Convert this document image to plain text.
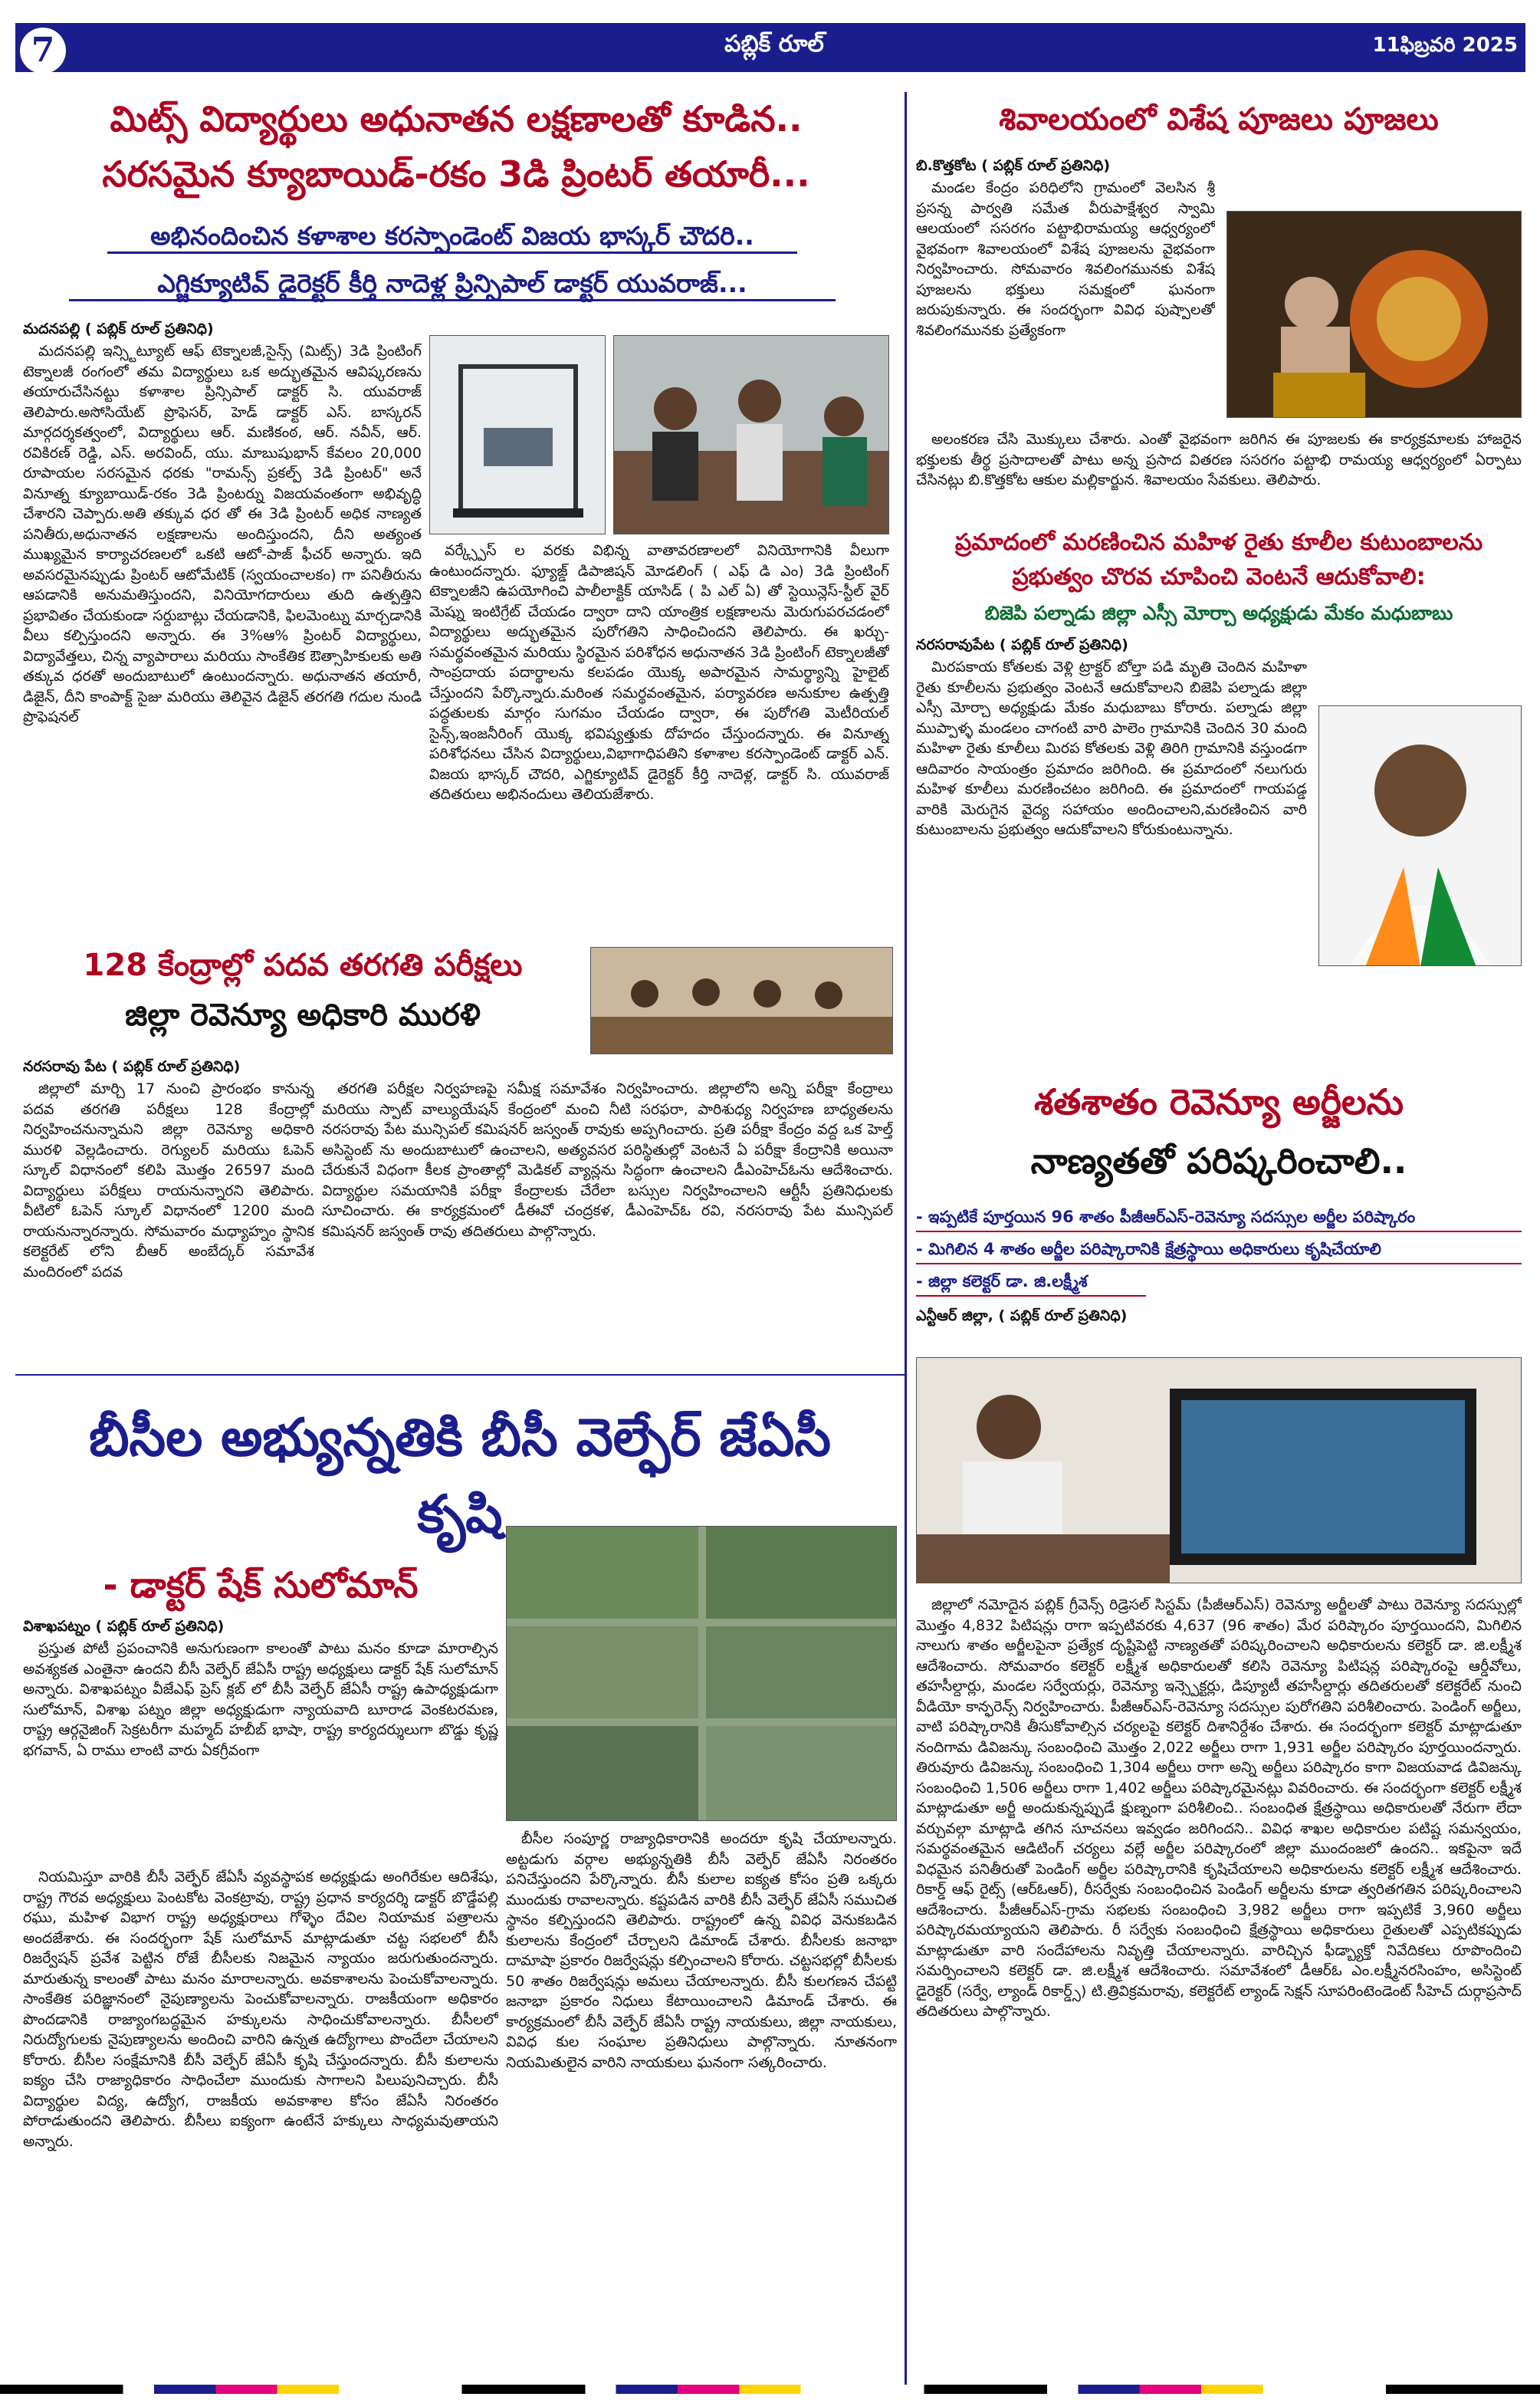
7	పబ్లిక్ రూల్	11ఫిబ్రవరి 2025
మిట్స్ విద్యార్థులు అధునాతన లక్షణాలతో కూడిన..
సరసమైన క్యూబాయిడ్-రకం 3డి ప్రింటర్ తయారీ...
అభినందించిన కళాశాల కరస్పాండెంట్ విజయ భాస్కర్ చౌదరి..
ఎగ్జిక్యూటివ్ డైరెక్టర్ కీర్తి నాదెళ్ల ప్రిన్సిపాల్ డాక్టర్ యువరాజ్...
మదనపల్లి ( పబ్లిక్ రూల్ ప్రతినిధి)

మదనపల్లి ఇన్స్టిట్యూట్ ఆఫ్ టెక్నాలజీ,సైన్స్ (మిట్స్) 3డి ప్రింటింగ్ టెక్నాలజీ రంగంలో తమ విద్యార్థులు ఒక అద్భుతమైన ఆవిష్కరణను తయారుచేసినట్టు కళాశాల ప్రిన్సిపాల్ డాక్టర్ సి. యువరాజ్ తెలిపారు.అసోసియేట్ ప్రొఫెసర్, హెడ్ డాక్టర్ ఎస్. బాస్కరన్ మార్గదర్శకత్వంలో, విద్యార్థులు ఆర్. మణికంఠ, ఆర్. నవీన్, ఆర్. రవికిరణ్ రెడ్డి, ఎస్. అరవింద్, యు. మాబుషుభాన్ కేవలం 20,000 రూపాయల సరసమైన ధరకు "రామన్స్ ప్రకల్ప్ 3డి ప్రింటర్" అనే వినూత్న క్యూబాయిడ్-రకం 3డి ప్రింటర్ను విజయవంతంగా అభివృద్ధి చేశారని చెప్పారు.అతి తక్కువ ధర తో ఈ 3డి ప్రింటర్ అధిక నాణ్యత పనితీరు,అధునాతన లక్షణాలను అందిస్తుందని, దీని అత్యంత ముఖ్యమైన కార్యాచరణలలో ఒకటి ఆటో-పాజ్ ఫీచర్ అన్నారు. ఇది అవసరమైనప్పుడు ప్రింటర్ ఆటోమేటిక్ (స్వయంచాలకం) గా పనితీరును ఆపడానికి అనుమతిస్తుందని, వినియోగదారులు తుది ఉత్పత్తిని ప్రభావితం చేయకుండా సర్దుబాట్లు చేయడానికి, ఫిలమెంట్ను మార్చడానికి వీలు కల్పిస్తుందని అన్నారు. ఈ 3%ఆ% ప్రింటర్ విద్యార్థులు, విద్యావేత్తలు, చిన్న వ్యాపారాలు మరియు సాంకేతిక ఔత్సాహికులకు అతి తక్కువ ధరతో అందుబాటులో ఉంటుందన్నారు. అధునాతన తయారీ, డిజైన్, దీని కాంపాక్ట్ సైజు మరియు తెలివైన డిజైన్ తరగతి గదుల నుండి ప్రొఫెషనల్

వర్క్స్పేస్ ల వరకు విభిన్న వాతావరణాలలో వినియోగానికి వీలుగా ఉంటుందన్నారు. ఫ్యూజ్డ్ డిపాజిషన్ మోడలింగ్ ( ఎఫ్ డి ఎం) 3డి ప్రింటింగ్ టెక్నాలజీని ఉపయోగించి పాలీలాక్టిక్ యాసిడ్ ( పి ఎల్ ఏ) తో స్టెయిన్లెస్-స్టీల్ వైర్ మెష్ను ఇంటిగ్రేట్ చేయడం ద్వారా దాని యాంత్రిక లక్షణాలను మెరుగుపరచడంలో విద్యార్థులు అద్భుతమైన పురోగతిని సాధించిందని తెలిపారు. ఈ ఖర్చు-సమర్థవంతమైన మరియు స్థిరమైన పరిశోధన అధునాతన 3డి ప్రింటింగ్ టెక్నాలజీతో సాంప్రదాయ పదార్థాలను కలపడం యొక్క అపారమైన సామర్థ్యాన్ని హైలైట్ చేస్తుందని పేర్కొన్నారు.మరింత సమర్థవంతమైన, పర్యావరణ అనుకూల ఉత్పత్తి పద్ధతులకు మార్గం సుగమం చేయడం ద్వారా, ఈ పురోగతి మెటీరియల్ సైన్స్,ఇంజనీరింగ్ యొక్క భవిష్యత్తుకు దోహదం చేస్తుందన్నారు. ఈ వినూత్న పరిశోధనలు చేసిన విద్యార్థులు,విభాగాధిపతిని కళాశాల కరస్పాండెంట్ డాక్టర్ ఎన్. విజయ భాస్కర్ చౌదరి, ఎగ్జిక్యూటివ్ డైరెక్టర్ కీర్తి నాదెళ్ల, డాక్టర్ సి. యువరాజ్ తదితరులు అభినందులు తెలియజేశారు.

శివాలయంలో విశేష పూజలు పూజలు
బి.కొత్తకోట ( పబ్లిక్ రూల్ ప్రతినిధి)

మండల కేంద్రం పరిధిలోని గ్రామంలో వెలసిన శ్రీ ప్రసన్న పార్వతి సమేత వీరుపాక్షేశ్వర స్వామి ఆలయంలో ససరగం పట్టాభిరామయ్య ఆధ్వర్యంలో వైభవంగా శివాలయంలో విశేష పూజలను వైభవంగా నిర్వహించారు. సోమవారం శివలింగమునకు విశేష పూజలను భక్తులు సమక్షంలో ఘనంగా జరుపుకున్నారు. ఈ సందర్భంగా వివిధ పుష్పాలతో శివలింగమునకు ప్రత్యేకంగా

అలంకరణ చేసి మొక్కులు చేశారు. ఎంతో వైభవంగా జరిగిన ఈ పూజలకు ఈ కార్యక్రమాలకు హాజరైన భక్తులకు తీర్థ ప్రసాదాలతో పాటు అన్న ప్రసాద వితరణ ససరగం పట్టాభి రామయ్య ఆధ్వర్యంలో ఏర్పాటు చేసినట్లు బి.కొత్తకోట ఆకుల మల్లికార్జున. శివాలయం సేవకులు. తెలిపారు.

ప్రమాదంలో మరణించిన మహిళ రైతు కూలీల కుటుంబాలను
ప్రభుత్వం చొరవ చూపించి వెంటనే ఆదుకోవాలి:
బిజెపి పల్నాడు జిల్లా ఎస్సీ మోర్చా అధ్యక్షుడు మేకం మధుబాబు
నరసరావుపేట ( పబ్లిక్ రూల్ ప్రతినిధి)

మిరపకాయ కోతలకు వెళ్లి ట్రాక్టర్ బోల్తా పడి మృతి చెందిన మహిళా రైతు కూలీలను ప్రభుత్వం వెంటనే ఆదుకోవాలని బిజెపి పల్నాడు జిల్లా ఎస్సీ మోర్చా అధ్యక్షుడు మేకం మధుబాబు కోరారు. పల్నాడు జిల్లా ముప్పాళ్ళ మండలం చాగంటి వారి పాలెం గ్రామానికి చెందిన 30 మంది మహిళా రైతు కూలీలు మిరప కోతలకు వెళ్లి తిరిగి గ్రామానికి వస్తుండగా ఆదివారం సాయంత్రం ప్రమాదం జరిగింది. ఈ ప్రమాదంలో నలుగురు మహిళ కూలీలు మరణించటం జరిగింది. ఈ ప్రమాదంలో గాయపడ్డ వారికి మెరుగైన వైద్య సహాయం అందించాలని,మరణించిన వారి కుటుంబాలను ప్రభుత్వం ఆదుకోవాలని కోరుకుంటున్నాను.

128 కేంద్రాల్లో పదవ తరగతి పరీక్షలు
జిల్లా రెవెన్యూ అధికారి మురళి
నరసరావు పేట ( పబ్లిక్ రూల్ ప్రతినిధి)

జిల్లాలో మార్చి 17 నుంచి ప్రారంభం కానున్న పదవ తరగతి పరీక్షలు 128 కేంద్రాల్లో నిర్వహించనున్నామని జిల్లా రెవెన్యూ అధికారి మురళి వెల్లడించారు. రెగ్యులర్ మరియు ఓపెన్ స్కూల్ విధానంలో కలిపి మొత్తం 26597 మంది విద్యార్థులు పరీక్షలు రాయనున్నారని తెలిపారు. వీటిలో ఓపెన్ స్కూల్ విధానంలో 1200 మంది రాయనున్నారన్నారు. సోమవారం మధ్యాహ్నం స్థానిక కలెక్టరేట్ లోని బీఆర్ అంబేద్కర్ సమావేశ మందిరంలో పదవ

తరగతి పరీక్షల నిర్వహణపై సమీక్ష సమావేశం నిర్వహించారు. జిల్లాలోని అన్ని పరీక్షా కేంద్రాలు మరియు స్పాట్ వాల్యుయేషన్ కేంద్రంలో మంచి నీటి సరఫరా, పారిశుధ్య నిర్వహణ బాధ్యతలను నరసరావు పేట మున్సిపల్ కమిషనర్ జస్వంత్ రావుకు అప్పగించారు. ప్రతి పరీక్షా కేంద్రం వద్ద ఒక హెల్త్ అసిస్టెంట్ ను అందుబాటులో ఉంచాలని, అత్యవసర పరిస్థితుల్లో వెంటనే ఏ పరీక్షా కేంద్రానికి అయినా చేరుకునే విధంగా కీలక ప్రాంతాల్లో మెడికల్ వ్యాన్లను సిద్ధంగా ఉంచాలని డీఎంహెచ్ఓను ఆదేశించారు. విద్యార్థుల సమయానికి పరీక్షా కేంద్రాలకు చేరేలా బస్సుల నిర్వహించాలని ఆర్టీసీ ప్రతినిధులకు సూచించారు. ఈ కార్యక్రమంలో డీఈవో చంద్రకళ, డీఎంహెచ్ఓ రవి, నరసరావు పేట మున్సిపల్ కమిషనర్ జస్వంత్ రావు తదితరులు పాల్గొన్నారు.

శతశాతం రెవెన్యూ అర్జీలను
నాణ్యతతో పరిష్కరించాలి..
- ఇప్పటికే పూర్తయిన 96 శాతం పీజీఆర్ఎస్-రెవెన్యూ సదస్సుల అర్జీల పరిష్కారం
- మిగిలిన 4 శాతం అర్జీల పరిష్కారానికి క్షేత్రస్థాయి అధికారులు కృషిచేయాలి
- జిల్లా కలెక్టర్ డా. జి.లక్ష్మీశ
ఎన్టీఆర్ జిల్లా, ( పబ్లిక్ రూల్ ప్రతినిధి)

జిల్లాలో నమోదైన పబ్లిక్ గ్రీవెన్స్ రిడ్రెసల్ సిస్టమ్ (పీజీఆర్ఎస్) రెవెన్యూ అర్జీలతో పాటు రెవెన్యూ సదస్సుల్లో మొత్తం 4,832 పిటిషన్లు రాగా ఇప్పటివరకు 4,637 (96 శాతం) మేర పరిష్కారం పూర్తయిందని, మిగిలిన నాలుగు శాతం అర్జీలపైనా ప్రత్యేక దృష్టిపెట్టి నాణ్యతతో పరిష్కరించాలని అధికారులను కలెక్టర్ డా. జి.లక్ష్మీశ ఆదేశించారు. సోమవారం కలెక్టర్ లక్ష్మీశ అధికారులతో కలిసి రెవెన్యూ పిటిషన్ల పరిష్కారంపై ఆర్డీవోలు, తహసీల్దార్లు, మండల సర్వేయర్లు, రెవెన్యూ ఇన్స్పెక్టర్లు, డిప్యూటీ తహసీల్దార్లు తదితరులతో కలెక్టరేట్ నుంచి వీడియో కాన్ఫరెన్స్ నిర్వహించారు. పీజీఆర్ఎస్-రెవెన్యూ సదస్సుల పురోగతిని పరిశీలించారు. పెండింగ్ అర్జీలు, వాటి పరిష్కారానికి తీసుకోవాల్సిన చర్యలపై కలెక్టర్ దిశానిర్దేశం చేశారు. ఈ సందర్భంగా కలెక్టర్ మాట్లాడుతూ నందిగామ డివిజన్కు సంబంధించి మొత్తం 2,022 అర్జీలు రాగా 1,931 అర్జీల పరిష్కారం పూర్తయిందన్నారు. తిరువూరు డివిజన్కు సంబంధించి 1,304 అర్జీలు రాగా అన్ని అర్జీలు పరిష్కారం కాగా విజయవాడ డివిజన్కు సంబంధించి 1,506 అర్జీలు రాగా 1,402 అర్జీలు పరిష్కారమైనట్లు వివరించారు. ఈ సందర్భంగా కలెక్టర్ లక్ష్మీశ మాట్లాడుతూ అర్జీ అందుకున్నప్పుడే క్షుణ్నంగా పరిశీలించి.. సంబంధిత క్షేత్రస్థాయి అధికారులతో నేరుగా లేదా వర్చువల్గా మాట్లాడి తగిన సూచనలు ఇవ్వడం జరిగిందని.. వివిధ శాఖల అధికారుల పటిష్ట సమన్వయం, సమర్థవంతమైన ఆడిటింగ్ చర్యలు వల్లే అర్జీల పరిష్కారంలో జిల్లా ముందంజలో ఉందని.. ఇకపైనా ఇదే విధమైన పనితీరుతో పెండింగ్ అర్జీల పరిష్కారానికి కృషిచేయాలని అధికారులను కలెక్టర్ లక్ష్మీశ ఆదేశించారు. రికార్డ్ ఆఫ్ రైట్స్ (ఆర్ఓఆర్), రీసర్వేకు సంబంధించిన పెండింగ్ అర్జీలను కూడా త్వరితగతిన పరిష్కరించాలని ఆదేశించారు. పీజీఆర్ఎస్-గ్రామ సభలకు సంబంధించి 3,982 అర్జీలు రాగా ఇప్పటికే 3,960 అర్జీలు పరిష్కారమయ్యాయని తెలిపారు. రీ సర్వేకు సంబంధించి క్షేత్రస్థాయి అధికారులు రైతులతో ఎప్పటికప్పుడు మాట్లాడుతూ వారి సందేహాలను నివృత్తి చేయాలన్నారు. వారిచ్చిన ఫీడ్బ్యాక్తో నివేదికలు రూపొందించి సమర్పించాలని కలెక్టర్ డా. జి.లక్ష్మీశ ఆదేశించారు. సమావేశంలో డీఆర్ఓ ఎం.లక్ష్మీనరసింహం, అసిస్టెంట్ డైరెక్టర్ (సర్వే, ల్యాండ్ రికార్డ్స్) టి.త్రివిక్రమరావు, కలెక్టరేట్ ల్యాండ్ సెక్షన్ సూపరింటెండెంట్ సీహెచ్ దుర్గాప్రసాద్ తదితరులు పాల్గొన్నారు.

బీసీల అభ్యున్నతికి బీసీ వెల్ఫేర్ జేఏసీ
కృషి
- డాక్టర్ షేక్ సులోమాన్
విశాఖపట్నం ( పబ్లిక్ రూల్ ప్రతినిధి)

ప్రస్తుత పోటీ ప్రపంచానికి అనుగుణంగా కాలంతో పాటు మనం కూడా మారాల్సిన అవశ్యకత ఎంతైనా ఉందని బీసీ వెల్ఫేర్ జేఏసీ రాష్ట్ర అధ్యక్షులు డాక్టర్ షేక్ సులోమాన్ అన్నారు. విశాఖపట్నం వీజేఎఫ్ ప్రెస్ క్లబ్ లో బీసీ వెల్ఫేర్ జేఏసీ రాష్ట్ర ఉపాధ్యక్షుడుగా సులోమాన్, విశాఖ పట్నం జిల్లా అధ్యక్షుడుగా న్యాయవాది బూరాడ వెంకటరమణ, రాష్ట్ర ఆర్గనైజింగ్ సెక్రటరీగా మహ్మద్ హబీబ్ భాషా, రాష్ట్ర కార్యదర్శులుగా బొడ్డు కృష్ణ భగవాన్, ఏ రాము లాంటి వారు ఏకగ్రీవంగా

నియమిస్తూ వారికి బీసీ వెల్ఫేర్ జేఏసీ వ్యవస్థాపక అధ్యక్షుడు అంగిరేకుల ఆదిశేషు, రాష్ట్ర గౌరవ అధ్యక్షులు పెంటకోట వెంకట్రావు, రాష్ట్ర ప్రధాన కార్యదర్శి డాక్టర్ బొడ్డేపల్లి రఘు, మహిళ విభాగ రాష్ట్ర అధ్యక్షురాలు గోళ్ళెం దేవిల నియామక పత్రాలను అందజేశారు. ఈ సందర్భంగా షేక్ సులోమాన్ మాట్లాడుతూ చట్ట సభలలో బీసీ రిజర్వేషన్ ప్రవేశ పెట్టిన రోజే బీసీలకు నిజమైన న్యాయం జరుగుతుందన్నారు. మారుతున్న కాలంతో పాటు మనం మారాలన్నారు. అవకాశాలను పెంచుకోవాలన్నారు. సాంకేతిక పరిజ్ఞానంలో నైపుణ్యాలను పెంచుకోవాలన్నారు. రాజకీయంగా అధికారం పొందడానికి రాజ్యాంగబద్ధమైన హక్కులను సాధించుకోవాలన్నారు. బీసీలలో నిరుద్యోగులకు నైపుణ్యాలను అందించి వారిని ఉన్నత ఉద్యోగాలు పొందేలా చేయాలని కోరారు. బీసీల సంక్షేమానికి బీసీ వెల్ఫేర్ జేఏసీ కృషి చేస్తుందన్నారు. బీసీ కులాలను ఐక్యం చేసి రాజ్యాధికారం సాధించేలా ముందుకు సాగాలని పిలుపునిచ్చారు. బీసీ విద్యార్థుల విద్య, ఉద్యోగ, రాజకీయ అవకాశాల కోసం జేఏసీ నిరంతరం పోరాడుతుందని తెలిపారు. బీసీలు ఐక్యంగా ఉంటేనే హక్కులు సాధ్యమవుతాయని అన్నారు.

బీసీల సంపూర్ణ రాజ్యాధికారానికి అందరూ కృషి చేయాలన్నారు. అట్టడుగు వర్గాల అభ్యున్నతికి బీసీ వెల్ఫేర్ జేఏసీ నిరంతరం పనిచేస్తుందని పేర్కొన్నారు. బీసీ కులాల ఐక్యత కోసం ప్రతి ఒక్కరు ముందుకు రావాలన్నారు. కష్టపడిన వారికి బీసీ వెల్ఫేర్ జేఏసీ సముచిత స్థానం కల్పిస్తుందని తెలిపారు. రాష్ట్రంలో ఉన్న వివిధ వెనుకబడిన కులాలను కేంద్రంలో చేర్చాలని డిమాండ్ చేశారు. బీసీలకు జనాభా దామాషా ప్రకారం రిజర్వేషన్లు కల్పించాలని కోరారు. చట్టసభల్లో బీసీలకు 50 శాతం రిజర్వేషన్లు అమలు చేయాలన్నారు. బీసీ కులగణన చేపట్టి జనాభా ప్రకారం నిధులు కేటాయించాలని డిమాండ్ చేశారు. ఈ కార్యక్రమంలో బీసీ వెల్ఫేర్ జేఏసీ రాష్ట్ర నాయకులు, జిల్లా నాయకులు, వివిధ కుల సంఘాల ప్రతినిధులు పాల్గొన్నారు. నూతనంగా నియమితులైన వారిని నాయకులు ఘనంగా సత్కరించారు.
